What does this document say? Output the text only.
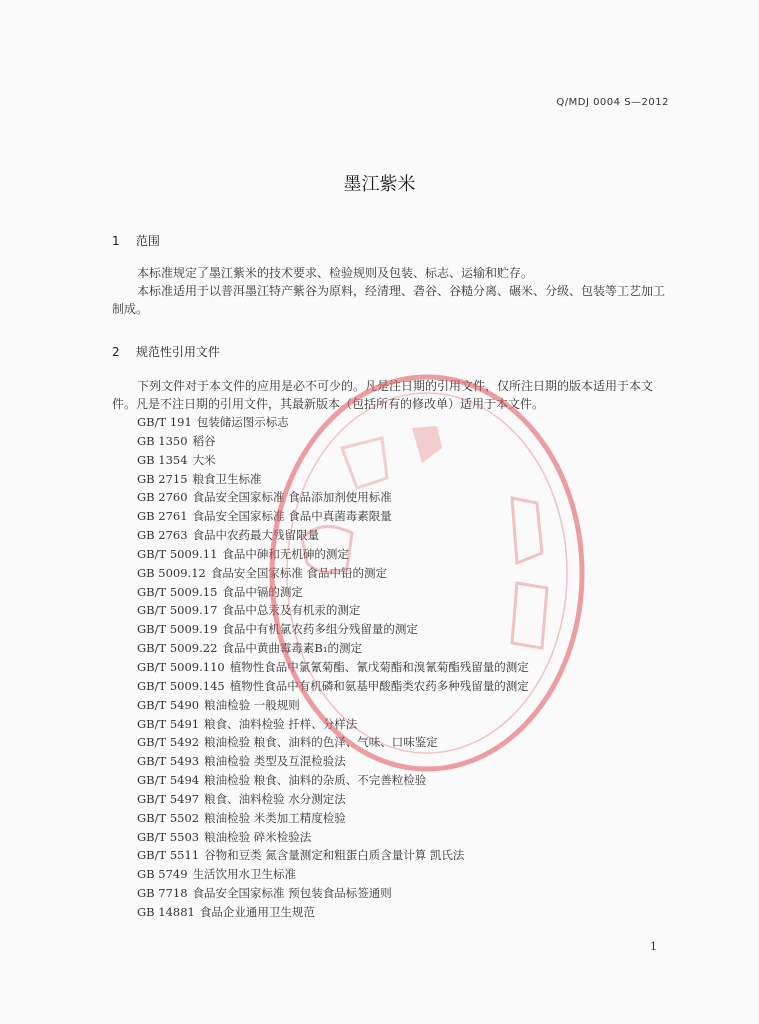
Q/MDJ 0004 S—2012
墨江紫米
1 范围
本标准规定了墨江紫米的技术要求、检验规则及包装、标志、运输和贮存。
本标准适用于以普洱墨江特产紫谷为原料，经清理、砻谷、谷糙分离、碾米、分级、包装等工艺加工制成。
2 规范性引用文件
下列文件对于本文件的应用是必不可少的。凡是注日期的引用文件，仅所注日期的版本适用于本文件。凡是不注日期的引用文件，其最新版本（包括所有的修改单）适用于本文件。
GB/T 191 包装储运图示标志
GB 1350 稻谷
GB 1354 大米
GB 2715 粮食卫生标准
GB 2760 食品安全国家标准 食品添加剂使用标准
GB 2761 食品安全国家标准 食品中真菌毒素限量
GB 2763 食品中农药最大残留限量
GB/T 5009.11 食品中砷和无机砷的测定
GB 5009.12 食品安全国家标准 食品中铅的测定
GB/T 5009.15 食品中镉的测定
GB/T 5009.17 食品中总汞及有机汞的测定
GB/T 5009.19 食品中有机氯农药多组分残留量的测定
GB/T 5009.22 食品中黄曲霉毒素B₁的测定
GB/T 5009.110 植物性食品中氯氰菊酯、氰戊菊酯和溴氰菊酯残留量的测定
GB/T 5009.145 植物性食品中有机磷和氨基甲酸酯类农药多种残留量的测定
GB/T 5490 粮油检验 一般规则
GB/T 5491 粮食、油料检验 扦样、分样法
GB/T 5492 粮油检验 粮食、油料的色泽、气味、口味鉴定
GB/T 5493 粮油检验 类型及互混检验法
GB/T 5494 粮油检验 粮食、油料的杂质、不完善粒检验
GB/T 5497 粮食、油料检验 水分测定法
GB/T 5502 粮油检验 米类加工精度检验
GB/T 5503 粮油检验 碎米检验法
GB/T 5511 谷物和豆类 氮含量测定和粗蛋白质含量计算 凯氏法
GB 5749 生活饮用水卫生标准
GB 7718 食品安全国家标准 预包装食品标签通则
GB 14881 食品企业通用卫生规范
1
